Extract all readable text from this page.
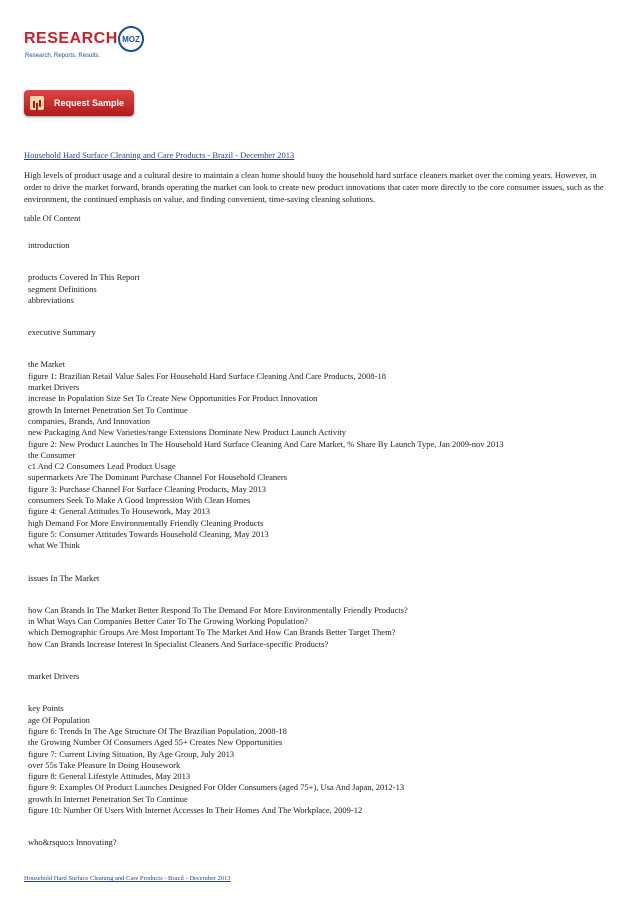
RESEARCH MOZ
Research. Reports. Results.
Request Sample
Household Hard Surface Cleaning and Care Products - Brazil - December 2013
High levels of product usage and a cultural desire to maintain a clean home should buoy the household hard surface cleaners market over the coming years. However, in order to drive the market forward, brands operating the market can look to create new product innovations that cater more directly to the core consumer issues, such as the environment, the continued emphasis on value, and finding convenient, time-saving cleaning solutions.
table Of Content
introduction
products Covered In This Report
segment Definitions
abbreviations
executive Summary
the Market
figure 1: Brazilian Retail Value Sales For Household Hard Surface Cleaning And Care Products, 2008-18
market Drivers
increase In Population Size Set To Create New Opportunities For Product Innovation
growth In Internet Penetration Set To Continue
companies, Brands, And Innovation
new Packaging And New Varieties/range Extensions Dominate New Product Launch Activity
figure 2: New Product Launches In The Household Hard Surface Cleaning And Care Market, % Share By Launch Type, Jan 2009-nov 2013
the Consumer
c1 And C2 Consumers Lead Product Usage
supermarkets Are The Dominant Purchase Channel For Household Cleaners
figure 3: Purchase Channel For Surface Cleaning Products, May 2013
consumers Seek To Make A Good Impression With Clean Homes
figure 4: General Attitudes To Housework, May 2013
high Demand For More Environmentally Friendly Cleaning Products
figure 5: Consumer Attitudes Towards Household Cleaning, May 2013
what We Think
issues In The Market
how Can Brands In The Market Better Respond To The Demand For More Environmentally Friendly Products?
in What Ways Can Companies Better Cater To The Growing Working Population?
which Demographic Groups Are Most Important To The Market And How Can Brands Better Target Them?
how Can Brands Increase Interest In Specialist Cleaners And Surface-specific Products?
market Drivers
key Points
age Of Population
figure 6: Trends In The Age Structure Of The Brazilian Population, 2008-18
the Growing Number Of Consumers Aged 55+ Creates New Opportunities
figure 7: Current Living Situation, By Age Group, July 2013
over 55s Take Pleasure In Doing Housework
figure 8: General Lifestyle Attitudes, May 2013
figure 9: Examples Of Product Launches Designed For Older Consumers (aged 75+), Usa And Japan, 2012-13
growth In Internet Penetration Set To Continue
figure 10: Number Of Users With Internet Accesses In Their Homes And The Workplace, 2009-12
who&rsquo;s Innovating?
Household Hard Surface Cleaning and Care Products - Brazil - December 2013
